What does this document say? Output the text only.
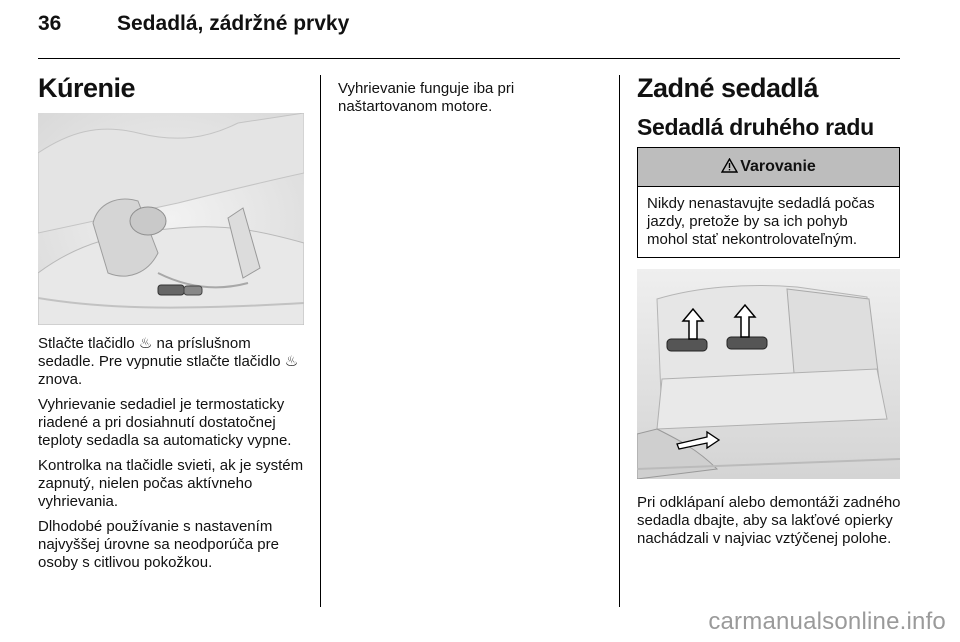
36	Sedadlá, zádržné prvky
Kúrenie

Stlačte tlačidlo ♨ na príslušnom sedadle. Pre vypnutie stlačte tlačidlo ♨ znova.

Vyhrievanie sedadiel je termostaticky riadené a pri dosiahnutí dostatočnej teploty sedadla sa automaticky vypne.

Kontrolka na tlačidle svieti, ak je systém zapnutý, nielen počas aktívneho vyhrievania.

Dlhodobé používanie s nastavením najvyššej úrovne sa neodporúča pre osoby s citlivou pokožkou.

Vyhrievanie funguje iba pri naštartovanom motore.

Zadné sedadlá
Sedadlá druhého radu
Varovanie
Nikdy nenastavujte sedadlá počas jazdy, pretože by sa ich pohyb mohol stať nekontrolovateľným.

Pri odklápaní alebo demontáži zadného sedadla dbajte, aby sa lakťové opierky nachádzali v najviac vztýčenej polohe.

carmanualsonline.info
